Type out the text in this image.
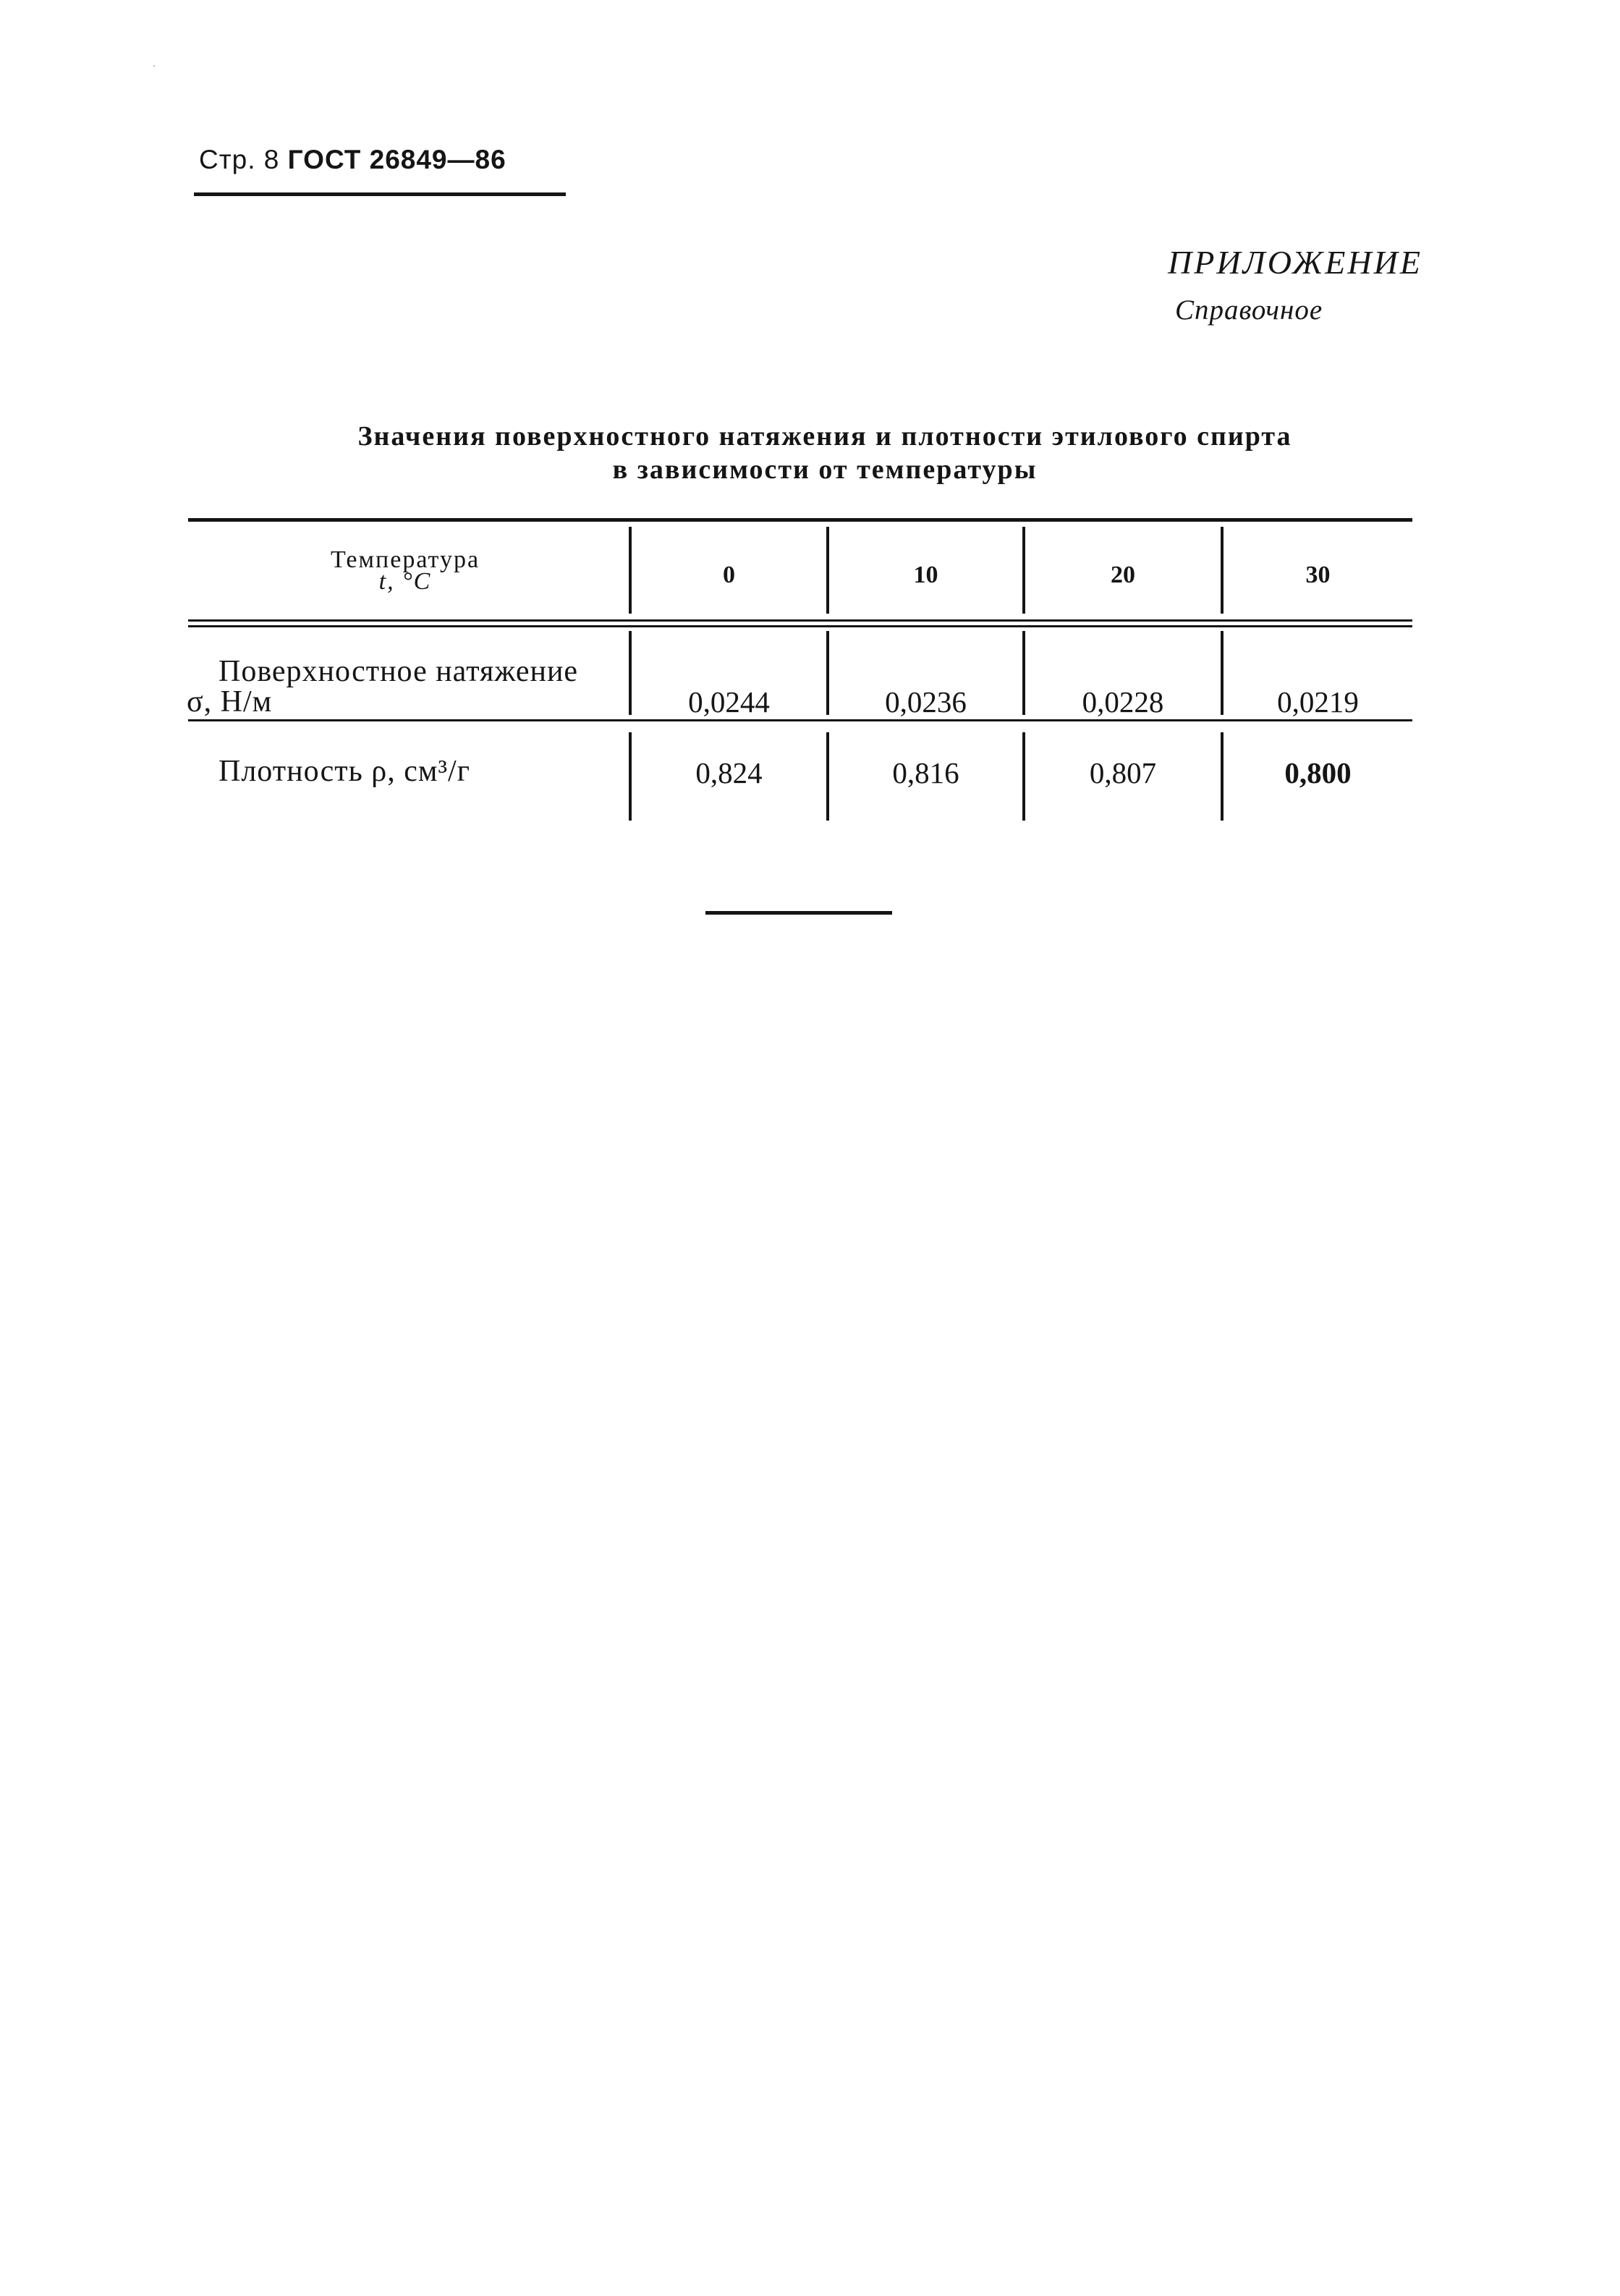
Стр. 8 ГОСТ 26849—86
ПРИЛОЖЕНИЕ
Справочное
Значения поверхностного натяжения и плотности этилового спирта
в зависимости от температуры
Температура
t, °C	0	10	20	30
Поверхностное натяжение
σ, Н/м	0,0244	0,0236	0,0228	0,0219
Плотность ρ, см³/г	0,824	0,816	0,807	0,800
